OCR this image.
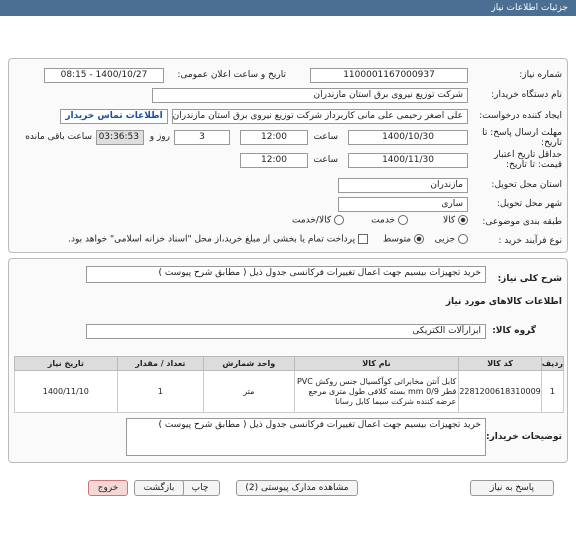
جزئیات اطلاعات نیاز
شماره نیاز:
1100001167000937
تاریخ و ساعت اعلان عمومی:
1400/10/27 - 08:15
نام دستگاه خریدار:
شرکت توزیع نیروی برق استان مازندران
ایجاد کننده درخواست:
علی اصغر رحیمی علی مانی کاربرداز شرکت توزیع نیروی برق استان مازندران
اطلاعات تماس خریدار
مهلت ارسال پاسخ: تا تاریخ:
1400/10/30
ساعت
12:00
3
روز و
03:36:53
ساعت باقی مانده
حداقل تاریخ اعتبار قیمت: تا تاریخ:
1400/11/30
ساعت
12:00
استان محل تحویل:
مازندران
شهر محل تحویل:
ساری
طبقه بندی موضوعی:
کالا
خدمت
کالا/خدمت
نوع فرآیند خرید :
جزیی
متوسط
پرداخت تمام یا بخشی از مبلغ خرید،از محل "اسناد خزانه اسلامی" خواهد بود.
شرح کلی نیاز:
خرید تجهیزات بیسیم جهت اعمال تغییرات فرکانسی جدول ذیل ( مطابق شرح پیوست )
اطلاعات کالاهای مورد نیاز
گروه کالا:
ابزارآلات الکتریکی
ردیف	کد کالا	نام کالا	واحد شمارش	تعداد / مقدار	تاریخ نیاز
1	2281200618310009	کابل آنتن مخابراتی کوآکسیال جنس روکش PVC قطر 0/9 mm بسته کلافی طول متری مرجع عرضه کننده شرکت سیما کابل رسانا	متر	1	1400/11/10
توضیحات خریدار:
خرید تجهیزات بیسیم جهت اعمال تغییرات فرکانسی جدول ذیل ( مطابق شرح پیوست )
پاسخ به نیاز
مشاهده مدارک پیوستی (2)
چاپ
بازگشت
خروج
